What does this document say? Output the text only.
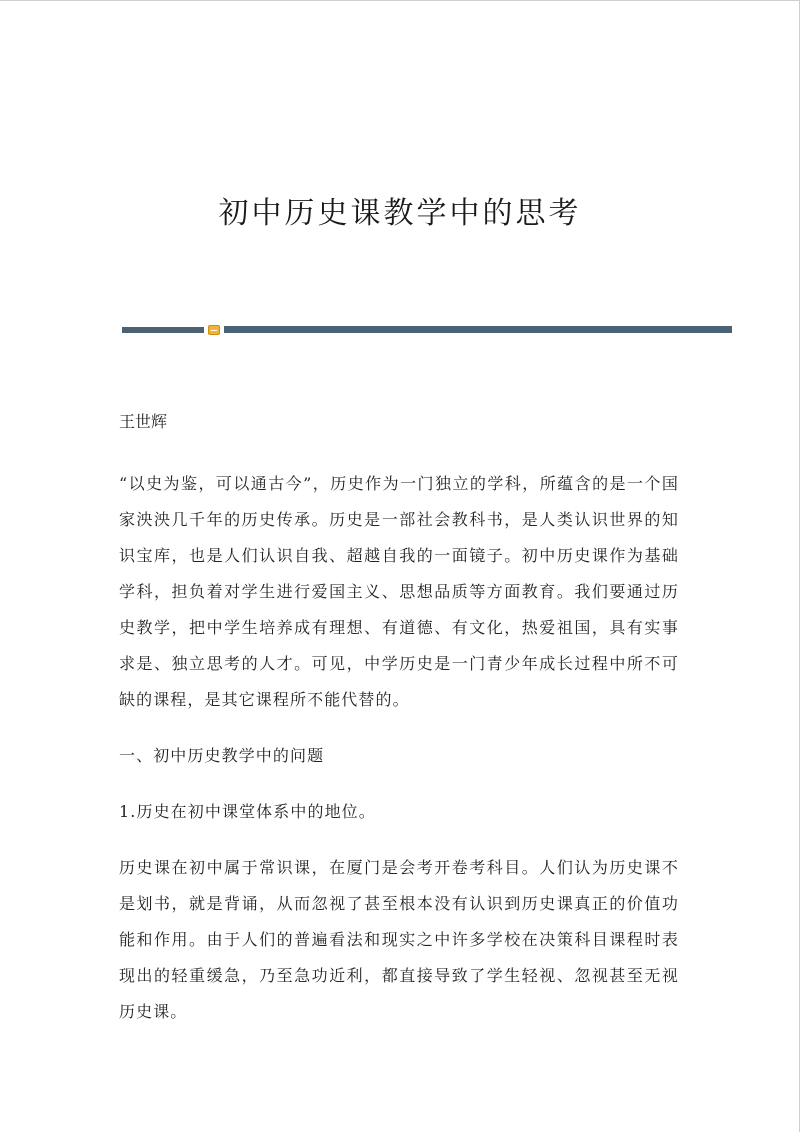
初中历史课教学中的思考

王世辉

“以史为鉴，可以通古今”，历史作为一门独立的学科，所蕴含的是一个国家泱泱几千年的历史传承。历史是一部社会教科书，是人类认识世界的知识宝库，也是人们认识自我、超越自我的一面镜子。初中历史课作为基础学科，担负着对学生进行爱国主义、思想品质等方面教育。我们要通过历史教学，把中学生培养成有理想、有道德、有文化，热爱祖国，具有实事求是、独立思考的人才。可见，中学历史是一门青少年成长过程中所不可缺的课程，是其它课程所不能代替的。

一、初中历史教学中的问题

1.历史在初中课堂体系中的地位。

历史课在初中属于常识课，在厦门是会考开卷考科目。人们认为历史课不是划书，就是背诵，从而忽视了甚至根本没有认识到历史课真正的价值功能和作用。由于人们的普遍看法和现实之中许多学校在决策科目课程时表现出的轻重缓急，乃至急功近利，都直接导致了学生轻视、忽视甚至无视历史课。
